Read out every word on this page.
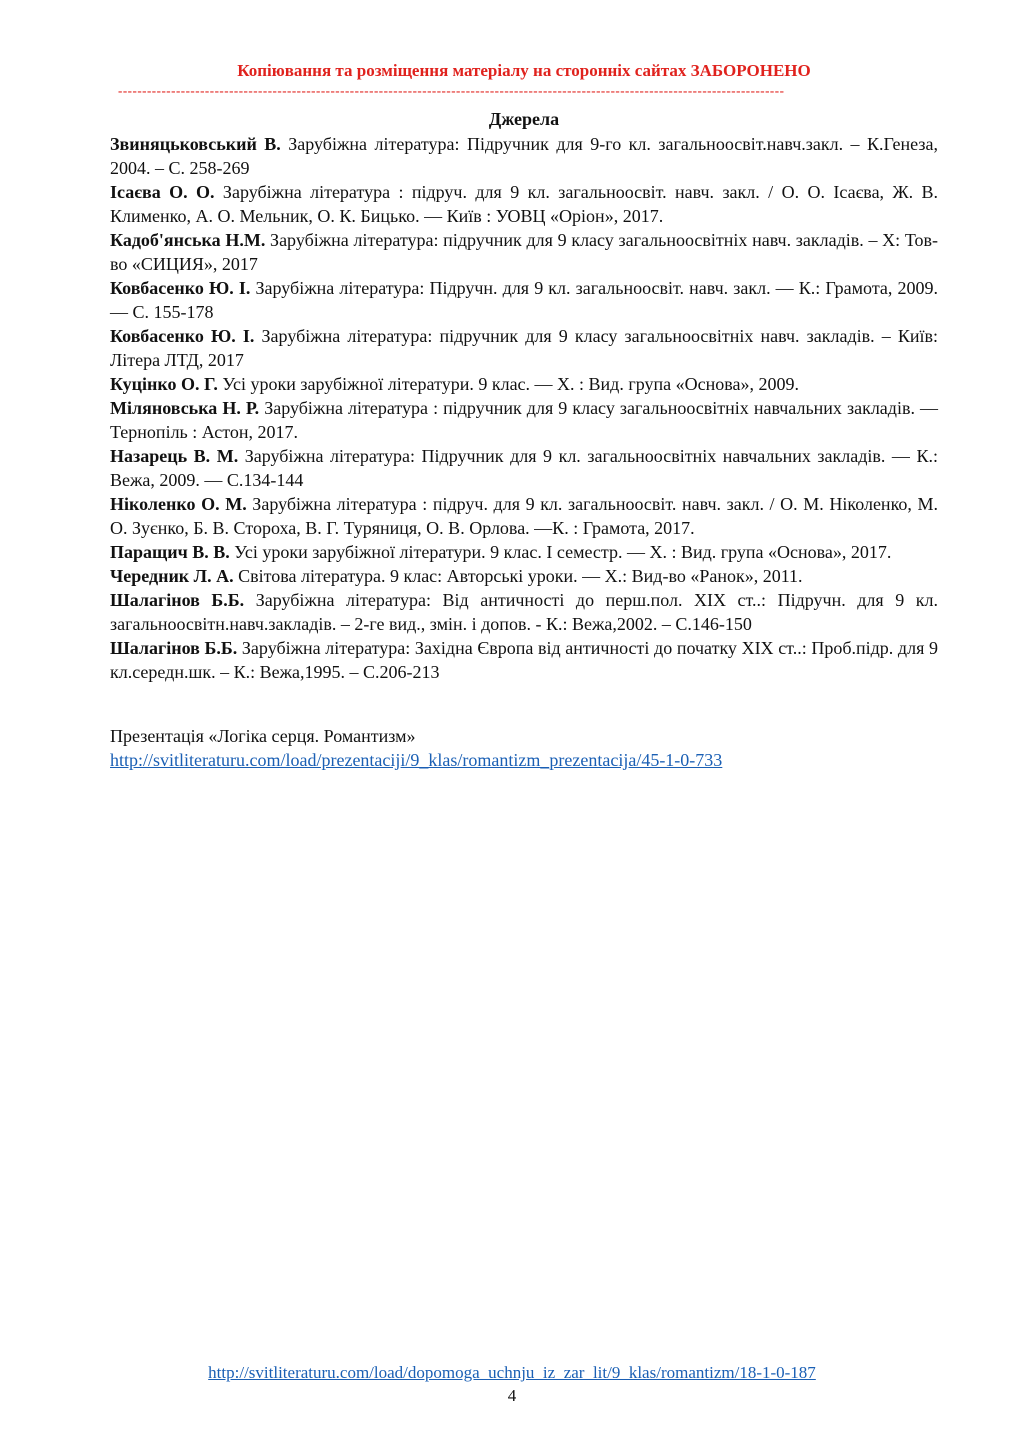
Копіювання та розміщення матеріалу на сторонніх сайтах ЗАБОРОНЕНО
------------------------------------------------------------------------------------------------------------------------------------------
Джерела

Звиняцьковський В. Зарубіжна література: Підручник для 9-го кл. загальноосвіт.навч.закл. – К.Генеза, 2004. – С. 258-269

Ісаєва О. О. Зарубіжна література : підруч. для 9 кл. загальноосвіт. навч. закл. / О. О. Ісаєва, Ж. В. Клименко, А. О. Мельник, О. К. Бицько. — Київ : УОВЦ «Оріон», 2017.

Кадоб'янська Н.М. Зарубіжна література: підручник для 9 класу загальноосвітніх навч. закладів. – Х: Тов-во «СИЦИЯ», 2017

Ковбасенко Ю. І. Зарубіжна література: Підручн. для 9 кл. загальноосвіт. навч. закл. — К.: Грамота, 2009. — С. 155-178

Ковбасенко Ю. І. Зарубіжна література: підручник для 9 класу загальноосвітніх навч. закладів. – Київ: Літера ЛТД, 2017

Куцінко О. Г. Усі уроки зарубіжної літератури. 9 клас. — Х. : Вид. група «Основа», 2009.

Міляновська Н. Р. Зарубіжна література : підручник для 9 класу загальноосвітніх навчальних закладів. — Тернопіль : Астон, 2017.

Назарець В. М. Зарубіжна література: Підручник для 9 кл. загальноосвітніх навчальних закладів. — К.: Вежа, 2009. — С.134-144

Ніколенко О. М. Зарубіжна література : підруч. для 9 кл. загальноосвіт. навч. закл. / О. М. Ніколенко, М. О. Зуєнко, Б. В. Стороха, В. Г. Туряниця, О. В. Орлова. —К. : Грамота, 2017.

Паращич В. В. Усі уроки зарубіжної літератури. 9 клас. І семестр. — Х. : Вид. група «Основа», 2017.

Чередник Л. А. Світова література. 9 клас: Авторські уроки. — Х.: Вид-во «Ранок», 2011.

Шалагінов Б.Б. Зарубіжна література: Від античності до перш.пол. XIX ст..: Підручн. для 9 кл. загальноосвітн.навч.закладів. – 2-ге вид., змін. і допов. - К.: Вежа,2002. – С.146-150

Шалагінов Б.Б. Зарубіжна література: Західна Європа від античності до початку XIX ст..: Проб.підр. для 9 кл.середн.шк. – К.: Вежа,1995. – С.206-213

Презентація «Логіка серця. Романтизм»
http://svitliteraturu.com/load/prezentaciji/9_klas/romantizm_prezentacija/45-1-0-733
http://svitliteraturu.com/load/dopomoga_uchnju_iz_zar_lit/9_klas/romantizm/18-1-0-187
4
